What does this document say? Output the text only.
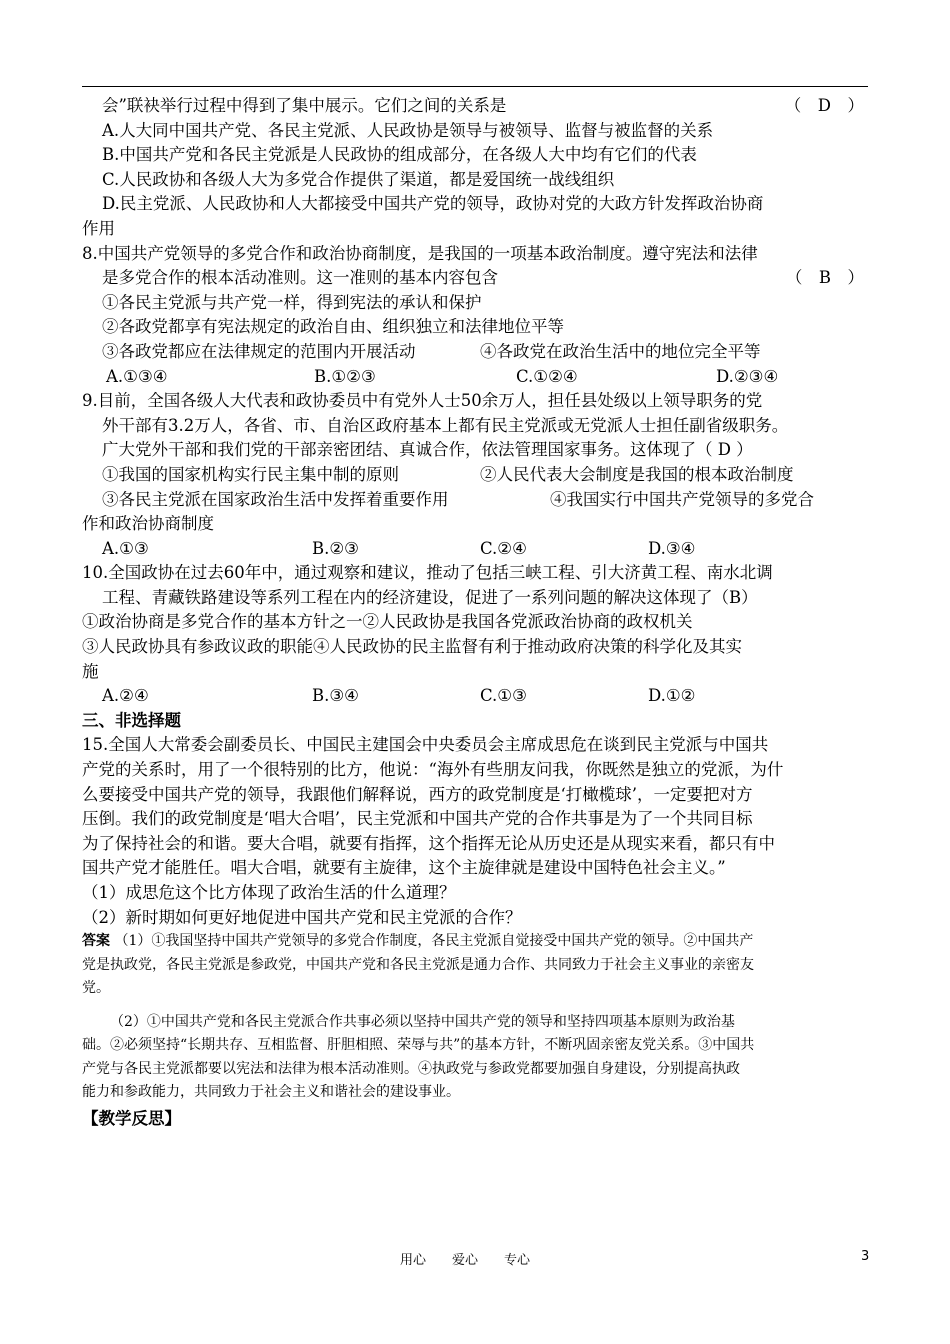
会”联袂举行过程中得到了集中展示。它们之间的关系是	（　D　）
A.人大同中国共产党、各民主党派、人民政协是领导与被领导、监督与被监督的关系
B.中国共产党和各民主党派是人民政协的组成部分，在各级人大中均有它们的代表
C.人民政协和各级人大为多党合作提供了渠道，都是爱国统一战线组织
D.民主党派、人民政协和人大都接受中国共产党的领导，政协对党的大政方针发挥政治协商
作用
8.中国共产党领导的多党合作和政治协商制度，是我国的一项基本政治制度。遵守宪法和法律
是多党合作的根本活动准则。这一准则的基本内容包含	（　B　）
①各民主党派与共产党一样，得到宪法的承认和保护
②各政党都享有宪法规定的政治自由、组织独立和法律地位平等
③各政党都应在法律规定的范围内开展活动	④各政党在政治生活中的地位完全平等
A.①③④	B.①②③	C.①②④	D.②③④
9.目前，全国各级人大代表和政协委员中有党外人士50余万人，担任县处级以上领导职务的党
外干部有3.2万人，各省、市、自治区政府基本上都有民主党派或无党派人士担任副省级职务。
广大党外干部和我们党的干部亲密团结、真诚合作，依法管理国家事务。这体现了（ D ）
①我国的国家机构实行民主集中制的原则	②人民代表大会制度是我国的根本政治制度
③各民主党派在国家政治生活中发挥着重要作用	④我国实行中国共产党领导的多党合
作和政治协商制度
A.①③	B.②③	C.②④	D.③④
10.全国政协在过去60年中，通过观察和建议，推动了包括三峡工程、引大济黄工程、南水北调
工程、青藏铁路建设等系列工程在内的经济建设，促进了一系列问题的解决这体现了（B）
①政治协商是多党合作的基本方针之一②人民政协是我国各党派政治协商的政权机关
③人民政协具有参政议政的职能④人民政协的民主监督有利于推动政府决策的科学化及其实
施
A.②④	B.③④	C.①③	D.①②
三、非选择题
15.全国人大常委会副委员长、中国民主建国会中央委员会主席成思危在谈到民主党派与中国共
产党的关系时，用了一个很特别的比方，他说：“海外有些朋友问我，你既然是独立的党派，为什
么要接受中国共产党的领导，我跟他们解释说，西方的政党制度是‘打橄榄球’，一定要把对方
压倒。我们的政党制度是‘唱大合唱’，民主党派和中国共产党的合作共事是为了一个共同目标
为了保持社会的和谐。要大合唱，就要有指挥，这个指挥无论从历史还是从现实来看，都只有中
国共产党才能胜任。唱大合唱，就要有主旋律，这个主旋律就是建设中国特色社会主义。”
（1）成思危这个比方体现了政治生活的什么道理？
（2）新时期如何更好地促进中国共产党和民主党派的合作？
答案 （1）①我国坚持中国共产党领导的多党合作制度，各民主党派自觉接受中国共产党的领导。②中国共产
党是执政党，各民主党派是参政党，中国共产党和各民主党派是通力合作、共同致力于社会主义事业的亲密友
党。
（2）①中国共产党和各民主党派合作共事必须以坚持中国共产党的领导和坚持四项基本原则为政治基
础。②必须坚持“长期共存、互相监督、肝胆相照、荣辱与共”的基本方针，不断巩固亲密友党关系。③中国共
产党与各民主党派都要以宪法和法律为根本活动准则。④执政党与参政党都要加强自身建设，分别提高执政
能力和参政能力，共同致力于社会主义和谐社会的建设事业。
【教学反思】
用心　　爱心　　专心	3
